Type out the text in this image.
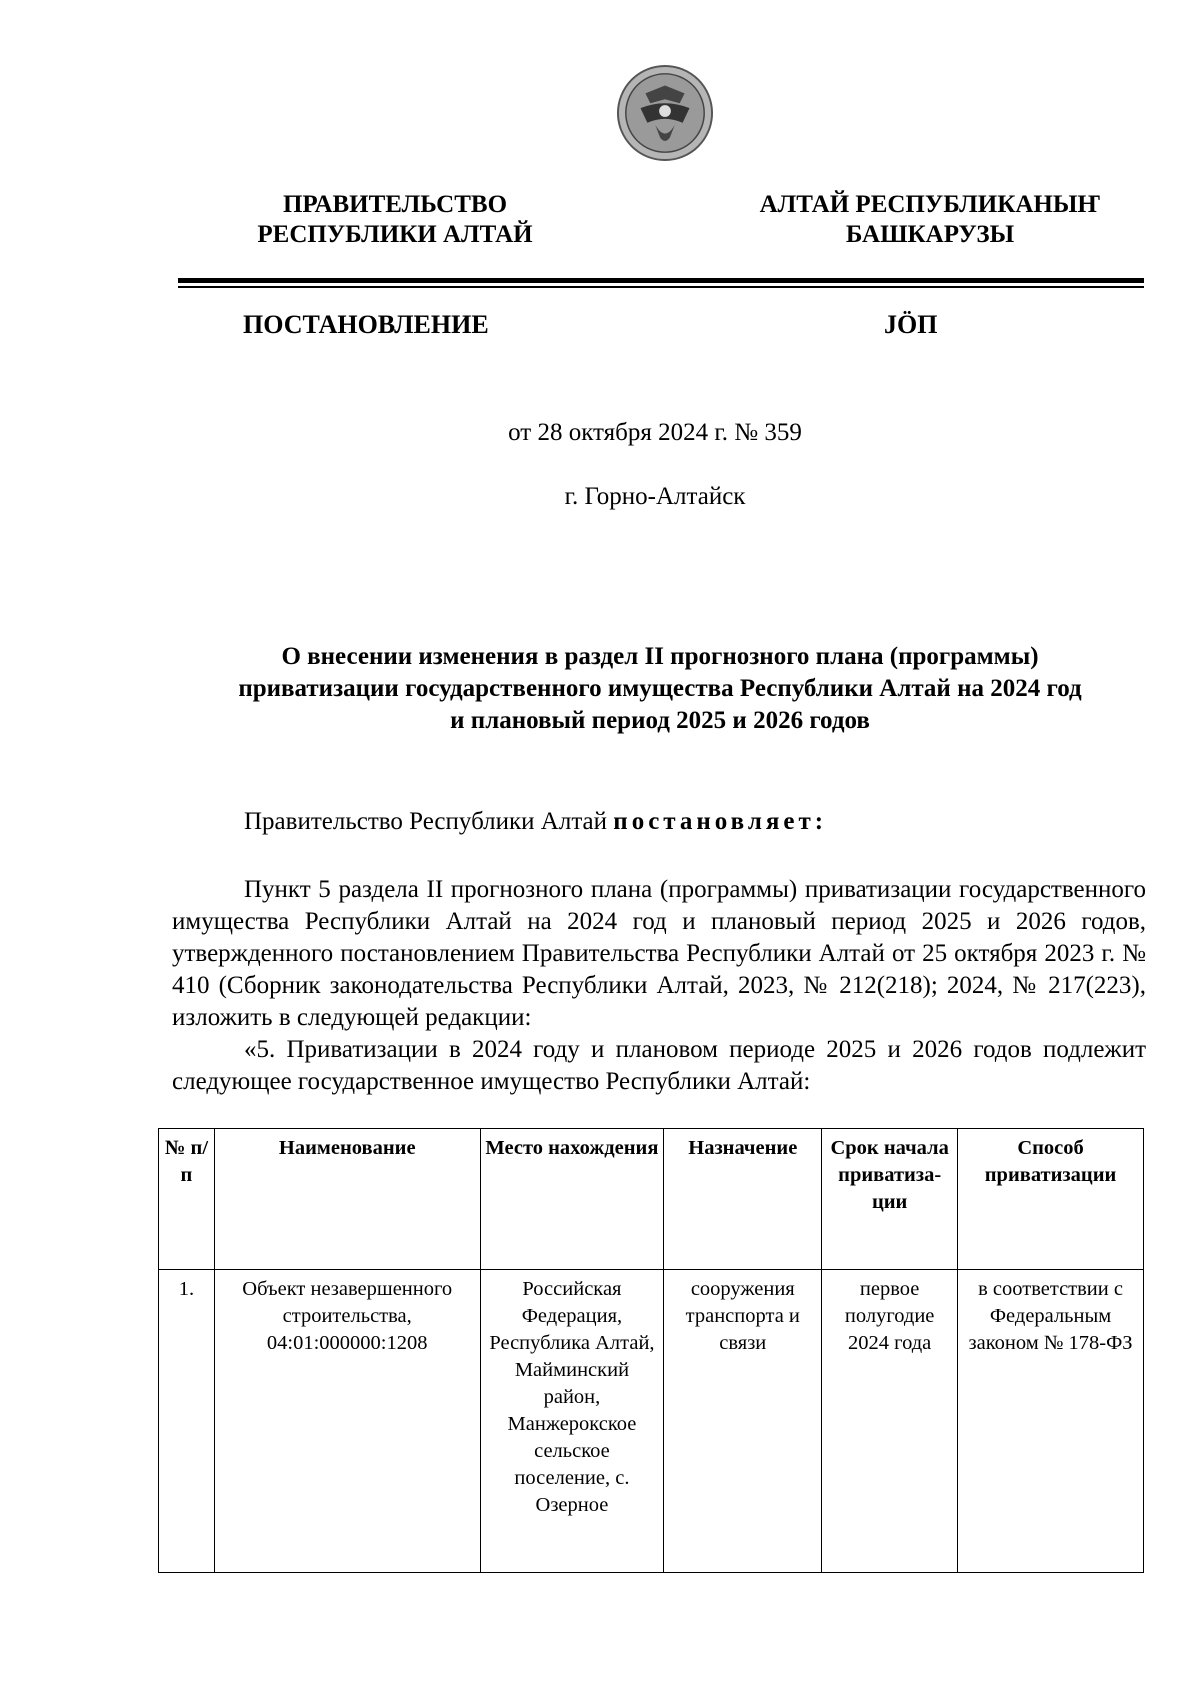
ПРАВИТЕЛЬСТВО
РЕСПУБЛИКИ АЛТАЙ
АЛТАЙ РЕСПУБЛИКАНЫҤ
БАШКАРУЗЫ
ПОСТАНОВЛЕНИЕ	JӦП
от 28 октября 2024 г. № 359
г. Горно-Алтайск
О внесении изменения в раздел II прогнозного плана (программы)
приватизации государственного имущества Республики Алтай на 2024 год
и плановый период 2025 и 2026 годов
Правительство Республики Алтай постановляет:
Пункт 5 раздела II прогнозного плана (программы) приватизации государственного имущества Республики Алтай на 2024 год и плановый период 2025 и 2026 годов, утвержденного постановлением Правительства Республики Алтай от 25 октября 2023 г. № 410 (Сборник законодательства Республики Алтай, 2023, № 212(218); 2024, № 217(223), изложить в следующей редакции:
«5. Приватизации в 2024 году и плановом периоде 2025 и 2026 годов подлежит следующее государственное имущество Республики Алтай:
№ п/п	Наименование	Место нахождения	Назначение	Срок начала приватиза-ции	Способ приватизации
1.	Объект незавершенного строительства, 04:01:000000:1208	Российская Федерация, Республика Алтай, Майминский район, Манжерокское сельское поселение, с. Озерное	сооружения транспорта и связи	первое полугодие 2024 года	в соответствии с Федеральным законом № 178-ФЗ
